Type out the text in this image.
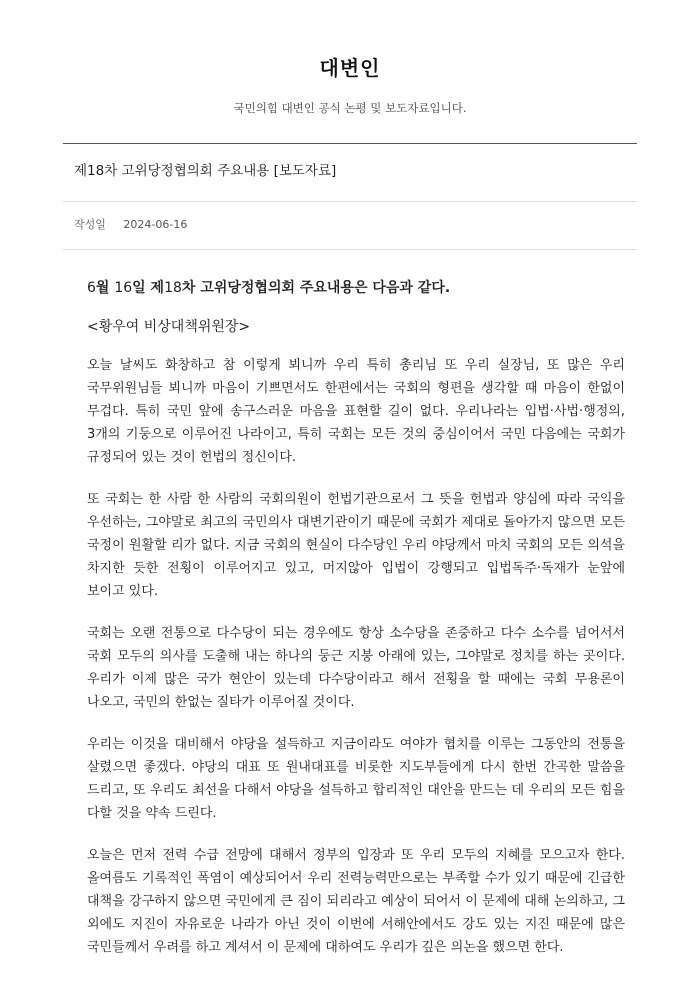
대변인
국민의힘 대변인 공식 논평 및 보도자료입니다.
제18차 고위당정협의회 주요내용 [보도자료]
작성일 2024-06-16
6월 16일 제18차 고위당정협의회 주요내용은 다음과 같다.
<황우여 비상대책위원장>

오늘 날씨도 화창하고 참 이렇게 뵈니까 우리 특히 총리님 또 우리 실장님, 또 많은 우리 국무위원님들 뵈니까 마음이 기쁘면서도 한편에서는 국회의 형편을 생각할 때 마음이 한없이 무겁다. 특히 국민 앞에 송구스러운 마음을 표현할 길이 없다. 우리나라는 입법·사법·행정의, 3개의 기둥으로 이루어진 나라이고, 특히 국회는 모든 것의 중심이어서 국민 다음에는 국회가 규정되어 있는 것이 헌법의 정신이다.

또 국회는 한 사람 한 사람의 국회의원이 헌법기관으로서 그 뜻을 헌법과 양심에 따라 국익을 우선하는, 그야말로 최고의 국민의사 대변기관이기 때문에 국회가 제대로 돌아가지 않으면 모든 국정이 원활할 리가 없다. 지금 국회의 현실이 다수당인 우리 야당께서 마치 국회의 모든 의석을 차지한 듯한 전횡이 이루어지고 있고, 머지않아 입법이 강행되고 입법독주·독재가 눈앞에 보이고 있다.

국회는 오랜 전통으로 다수당이 되는 경우에도 항상 소수당을 존중하고 다수 소수를 넘어서서 국회 모두의 의사를 도출해 내는 하나의 둥근 지붕 아래에 있는, 그야말로 정치를 하는 곳이다. 우리가 이제 많은 국가 현안이 있는데 다수당이라고 해서 전횡을 할 때에는 국회 무용론이 나오고, 국민의 한없는 질타가 이루어질 것이다.

우리는 이것을 대비해서 야당을 설득하고 지금이라도 여야가 협치를 이루는 그동안의 전통을 살렸으면 좋겠다. 야당의 대표 또 원내대표를 비롯한 지도부들에게 다시 한번 간곡한 말씀을 드리고, 또 우리도 최선을 다해서 야당을 설득하고 합리적인 대안을 만드는 데 우리의 모든 힘을 다할 것을 약속 드린다.

오늘은 먼저 전력 수급 전망에 대해서 정부의 입장과 또 우리 모두의 지혜를 모으고자 한다. 올여름도 기록적인 폭염이 예상되어서 우리 전력능력만으로는 부족할 수가 있기 때문에 긴급한 대책을 강구하지 않으면 국민에게 큰 짐이 되리라고 예상이 되어서 이 문제에 대해 논의하고, 그 외에도 지진이 자유로운 나라가 아닌 것이 이번에 서해안에서도 강도 있는 지진 때문에 많은 국민들께서 우려를 하고 계셔서 이 문제에 대하여도 우리가 깊은 의논을 했으면 한다.
